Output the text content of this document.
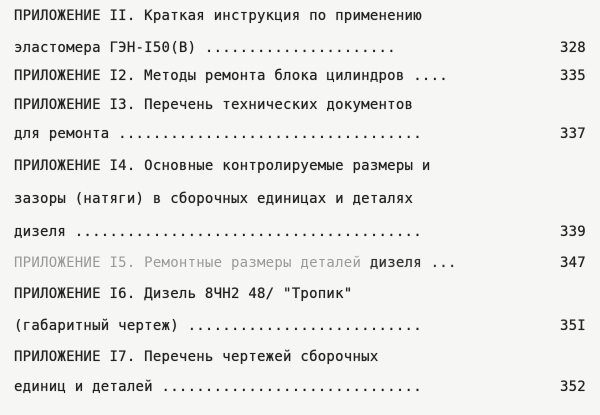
ПРИЛОЖЕНИЕ II. Краткая инструкция по применению
эластомера ГЭН-I50(В) ......................	328
ПРИЛОЖЕНИЕ I2. Методы ремонта блока цилиндров ....	335
ПРИЛОЖЕНИЕ I3. Перечень технических документов
для ремонта ...................................	337
ПРИЛОЖЕНИЕ I4. Основные контролируемые размеры и
зазоры (натяги) в сборочных единицах и деталях
дизеля ........................................	339
ПРИЛОЖЕНИЕ I5. Ремонтные размеры деталей дизеля ...	347
ПРИЛОЖЕНИЕ I6. Дизель 8ЧН2 48/ "Тропик"
(габаритный чертеж) ...........................	35I
ПРИЛОЖЕНИЕ I7. Перечень чертежей сборочных
единиц и деталей ..............................	352
